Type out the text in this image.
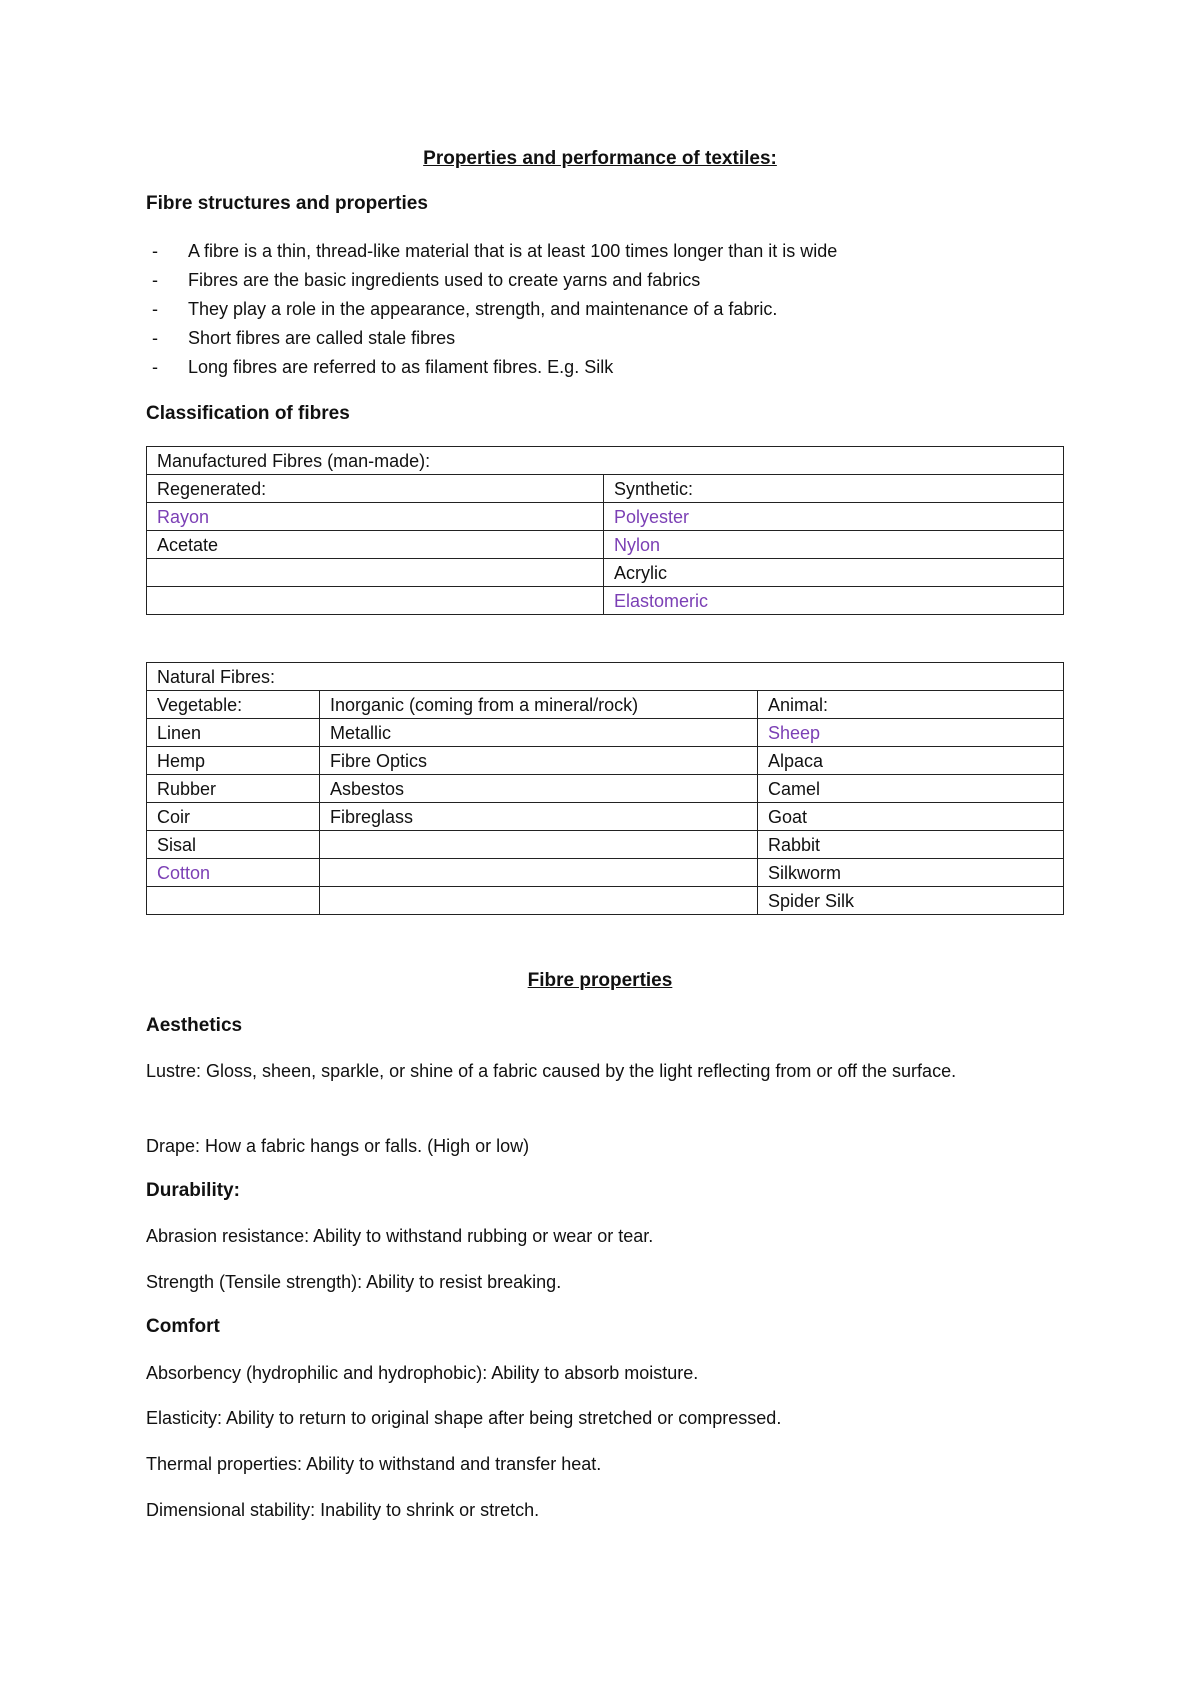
Properties and performance of textiles:
Fibre structures and properties
- A fibre is a thin, thread-like material that is at least 100 times longer than it is wide
- Fibres are the basic ingredients used to create yarns and fabrics
- They play a role in the appearance, strength, and maintenance of a fabric.
- Short fibres are called stale fibres
- Long fibres are referred to as filament fibres. E.g. Silk
Classification of fibres
Manufactured Fibres (man-made):	
Regenerated:	Synthetic:
Rayon	Polyester
Acetate	Nylon
	Acrylic
	Elastomeric
Natural Fibres:		
Vegetable:	Inorganic (coming from a mineral/rock)	Animal:
Linen	Metallic	Sheep
Hemp	Fibre Optics	Alpaca
Rubber	Asbestos	Camel
Coir	Fibreglass	Goat
Sisal		Rabbit
Cotton		Silkworm
		Spider Silk
Fibre properties
Aesthetics
Lustre: Gloss, sheen, sparkle, or shine of a fabric caused by the light reflecting from or off the surface.
Drape: How a fabric hangs or falls. (High or low)
Durability:
Abrasion resistance: Ability to withstand rubbing or wear or tear.
Strength (Tensile strength): Ability to resist breaking.
Comfort
Absorbency (hydrophilic and hydrophobic): Ability to absorb moisture.
Elasticity: Ability to return to original shape after being stretched or compressed.
Thermal properties: Ability to withstand and transfer heat.
Dimensional stability: Inability to shrink or stretch.
